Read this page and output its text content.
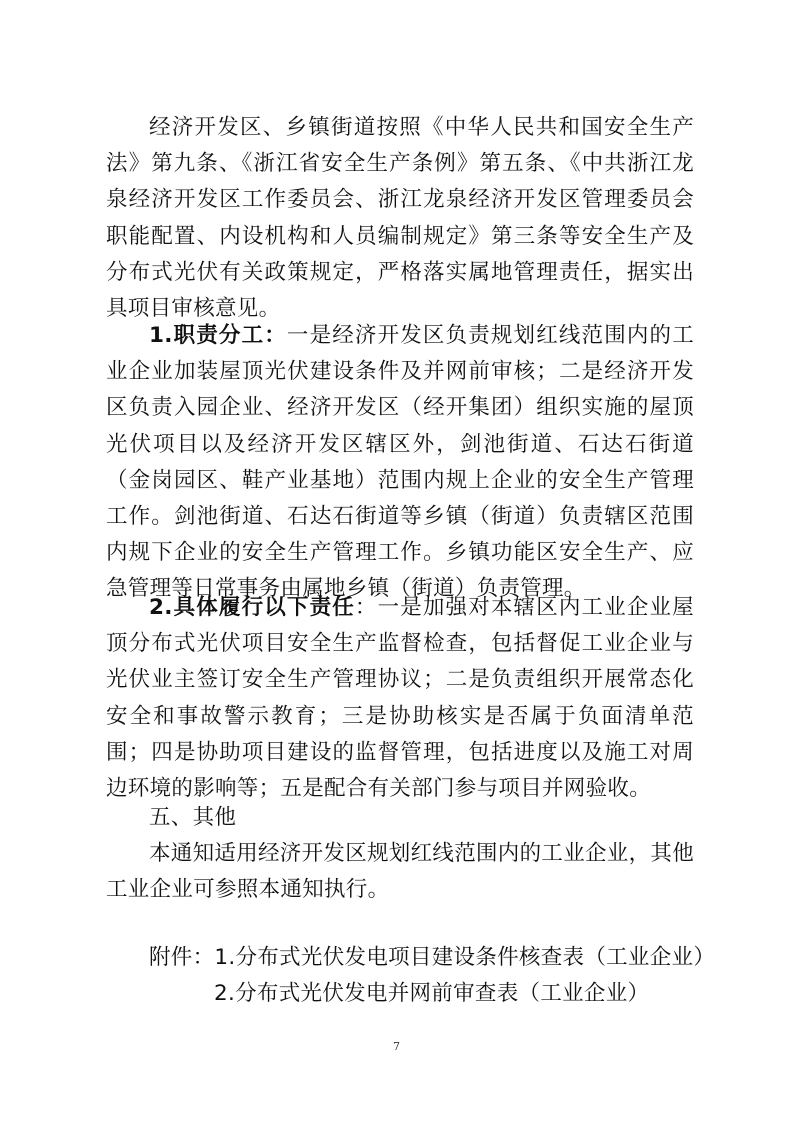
经济开发区、乡镇街道按照《中华人民共和国安全生产法》第九条、《浙江省安全生产条例》第五条、《中共浙江龙泉经济开发区工作委员会、浙江龙泉经济开发区管理委员会职能配置、内设机构和人员编制规定》第三条等安全生产及分布式光伏有关政策规定，严格落实属地管理责任，据实出具项目审核意见。

1.职责分工：一是经济开发区负责规划红线范围内的工业企业加装屋顶光伏建设条件及并网前审核；二是经济开发区负责入园企业、经济开发区（经开集团）组织实施的屋顶光伏项目以及经济开发区辖区外，剑池街道、石达石街道（金岗园区、鞋产业基地）范围内规上企业的安全生产管理工作。剑池街道、石达石街道等乡镇（街道）负责辖区范围内规下企业的安全生产管理工作。乡镇功能区安全生产、应急管理等日常事务由属地乡镇（街道）负责管理。

2.具体履行以下责任：一是加强对本辖区内工业企业屋顶分布式光伏项目安全生产监督检查，包括督促工业企业与光伏业主签订安全生产管理协议；二是负责组织开展常态化安全和事故警示教育；三是协助核实是否属于负面清单范围；四是协助项目建设的监督管理，包括进度以及施工对周边环境的影响等；五是配合有关部门参与项目并网验收。

五、其他

本通知适用经济开发区规划红线范围内的工业企业，其他工业企业可参照本通知执行。

附件：1.分布式光伏发电项目建设条件核查表（工业企业）
2.分布式光伏发电并网前审查表（工业企业）
7
